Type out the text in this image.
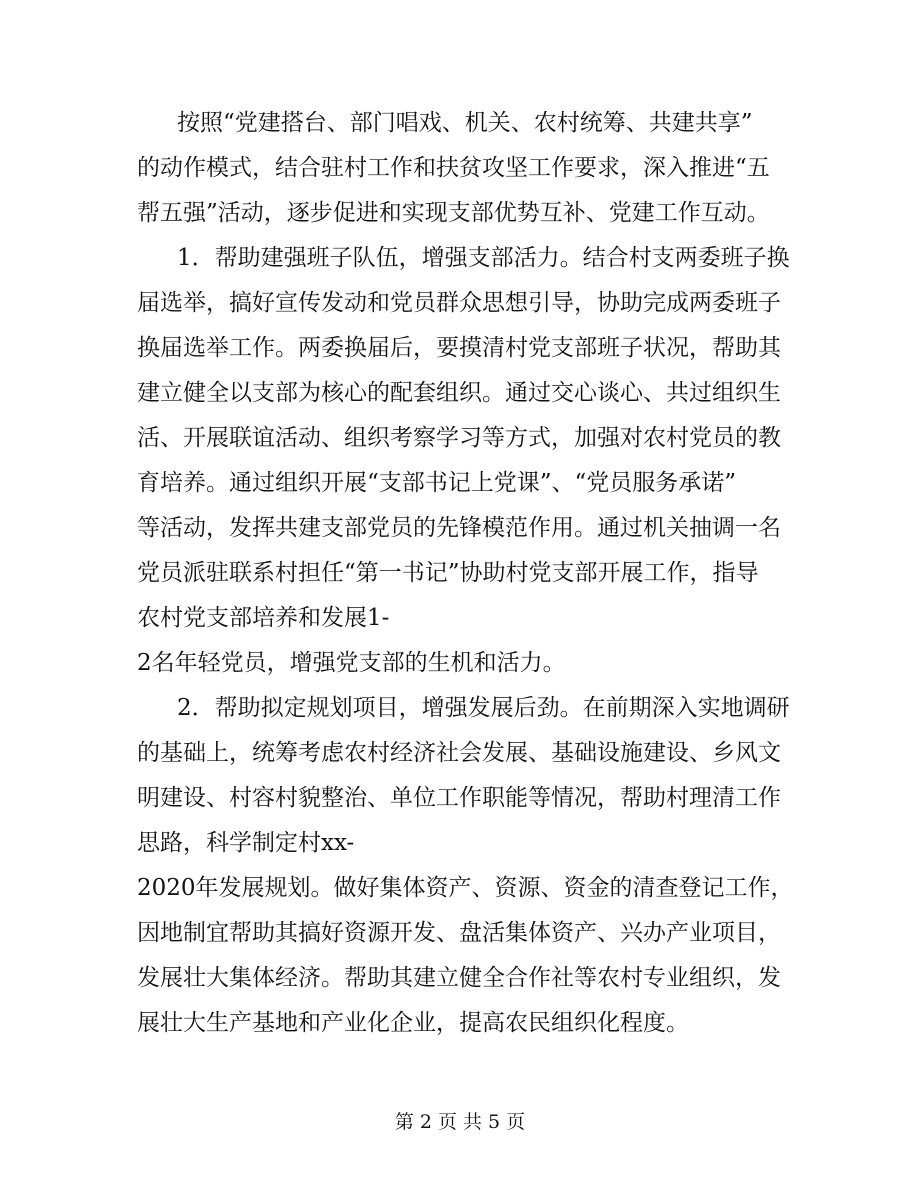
按照“党建搭台、部门唱戏、机关、农村统筹、共建共享”
的动作模式，结合驻村工作和扶贫攻坚工作要求，深入推进“五
帮五强”活动，逐步促进和实现支部优势互补、党建工作互动。
1．帮助建强班子队伍，增强支部活力。结合村支两委班子换
届选举，搞好宣传发动和党员群众思想引导，协助完成两委班子
换届选举工作。两委换届后，要摸清村党支部班子状况，帮助其
建立健全以支部为核心的配套组织。通过交心谈心、共过组织生
活、开展联谊活动、组织考察学习等方式，加强对农村党员的教
育培养。通过组织开展“支部书记上党课”、“党员服务承诺”
等活动，发挥共建支部党员的先锋模范作用。通过机关抽调一名
党员派驻联系村担任“第一书记”协助村党支部开展工作，指导
农村党支部培养和发展1-
2名年轻党员，增强党支部的生机和活力。
2．帮助拟定规划项目，增强发展后劲。在前期深入实地调研
的基础上，统筹考虑农村经济社会发展、基础设施建设、乡风文
明建设、村容村貌整治、单位工作职能等情况，帮助村理清工作
思路，科学制定村xx-
2020年发展规划。做好集体资产、资源、资金的清查登记工作，
因地制宜帮助其搞好资源开发、盘活集体资产、兴办产业项目，
发展壮大集体经济。帮助其建立健全合作社等农村专业组织，发
展壮大生产基地和产业化企业，提高农民组织化程度。
第 2 页 共 5 页
